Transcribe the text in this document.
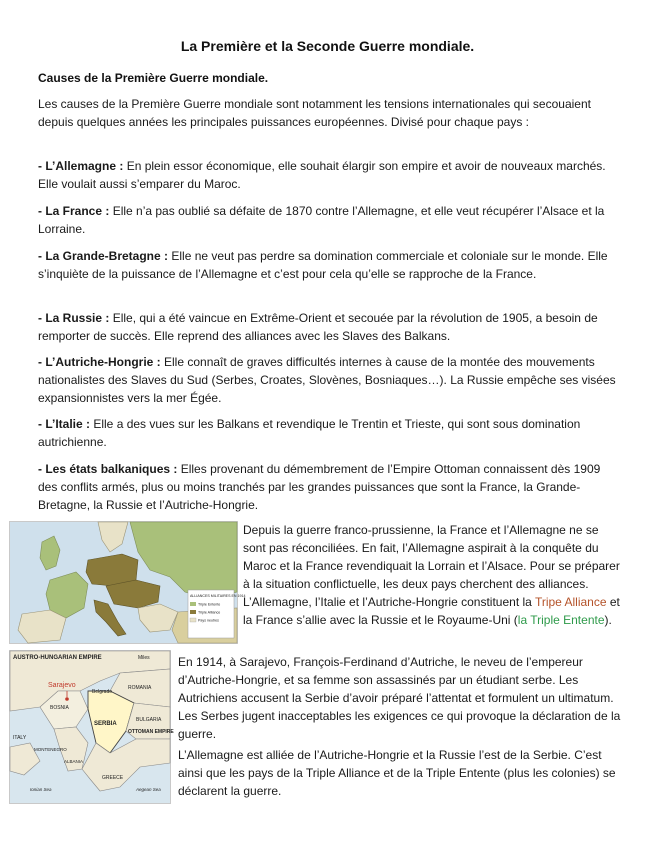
La Première et la Seconde Guerre mondiale.
Causes de la Première Guerre mondiale.

Les causes de la Première Guerre mondiale sont notamment les tensions internationales qui secouaient depuis quelques années les principales puissances européennes. Divisé pour chaque pays :

- L’Allemagne : En plein essor économique, elle souhait élargir son empire et avoir de nouveaux marchés. Elle voulait aussi s’emparer du Maroc.

- La France : Elle n’a pas oublié sa défaite de 1870 contre l’Allemagne, et elle veut récupérer l’Alsace et la Lorraine.

- La Grande-Bretagne : Elle ne veut pas perdre sa domination commerciale et coloniale sur le monde. Elle s’inquiète de la puissance de l’Allemagne et c’est pour cela qu’elle se rapproche de la France.

- La Russie : Elle, qui a été vaincue en Extrême-Orient et secouée par la révolution de 1905, a besoin de remporter de succès. Elle reprend des alliances avec les Slaves des Balkans.

- L’Autriche-Hongrie : Elle connaît de graves difficultés internes à cause de la montée des mouvements nationalistes des Slaves du Sud (Serbes, Croates, Slovènes, Bosniaques…). La Russie empêche ses visées expansionnistes vers la mer Égée.

- L’Italie : Elle a des vues sur les Balkans et revendique le Trentin et Trieste, qui sont sous domination autrichienne.

- Les états balkaniques : Elles provenant du démembrement de l’Empire Ottoman connaissent dès 1909 des conflits armés, plus ou moins tranchés par les grandes puissances que sont la France, la Grande-Bretagne, la Russie et l’Autriche-Hongrie.

ALLIANCES MILITAIRES EN 1914
Triple Entente
Triple Alliance
Pays neutres

Depuis la guerre franco-prussienne, la France et l’Allemagne ne se sont pas réconciliées. En fait, l’Allemagne aspirait à la conquête du Maroc et la France revendiquait la Lorrain et l’Alsace. Pour se préparer à la situation conflictuelle, les deux pays cherchent des alliances. L’Allemagne, l’Italie et l’Autriche-Hongrie constituent la Tripe Alliance et la France s’allie avec la Russie et le Royaume-Uni (la Triple Entente).

AUSTRO-HUNGARIAN EMPIRE	Miles
Sarajevo
BOSNIA
Belgrade
ROMANIA
SERBIA
BULGARIA
ITALY
MONTENEGRO
OTTOMAN EMPIRE
ALBANIA
GREECE
Ionian Sea	Aegean Sea

En 1914, à Sarajevo, François-Ferdinand d’Autriche, le neveu de l’empereur d’Autriche-Hongrie, et sa femme son assassinés par un étudiant serbe. Les Autrichiens accusent la Serbie d’avoir préparé l’attentat et formulent un ultimatum. Les Serbes jugent inacceptables les exigences ce qui provoque la déclaration de la guerre.

L’Allemagne est alliée de l’Autriche-Hongrie et la Russie l’est de la Serbie. C’est ainsi que les pays de la Triple Alliance et de la Triple Entente (plus les colonies) se déclarent la guerre.
